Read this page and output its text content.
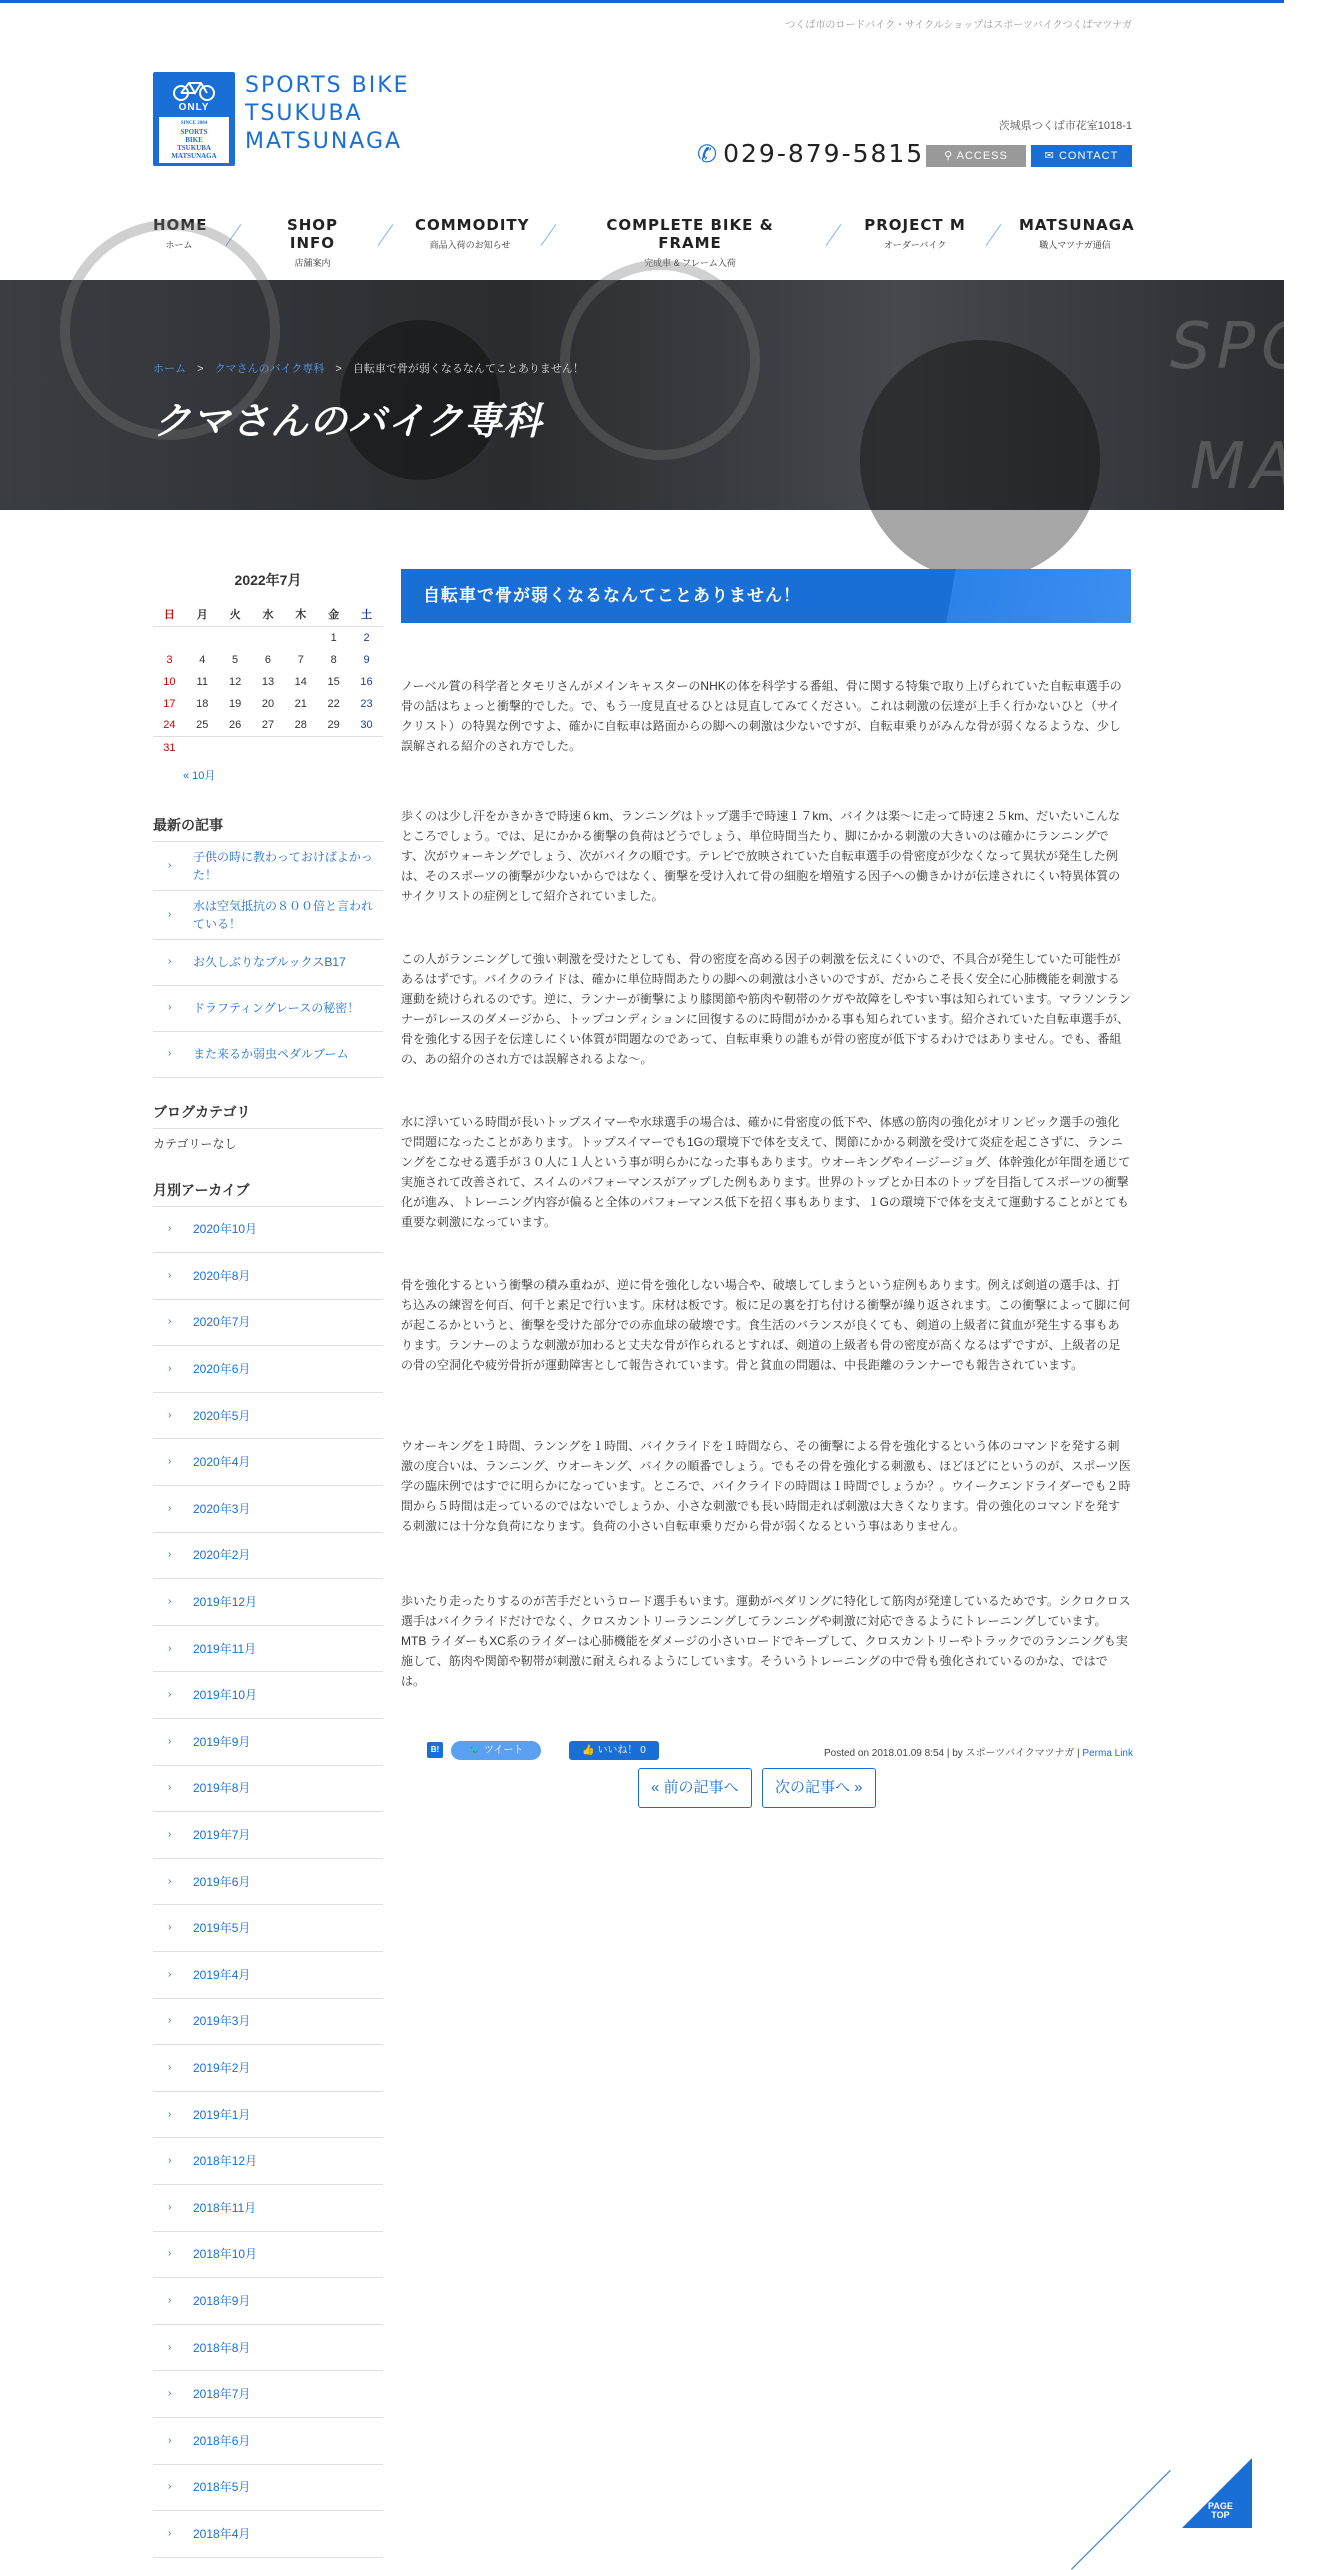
つくば市のロードバイク・サイクルショップはスポーツバイクつくばマツナガ
ONLY
SINCE 2004
SPORTS
BIKE
TSUKUBA
MATSUNAGA
SPORTS BIKE
TSUKUBA
MATSUNAGA
茨城県つくば市花室1018-1
✆ 029-879-5815	⚲ ACCESS	✉ CONTACT
HOME
ホーム
SHOP INFO
店舗案内
COMMODITY
商品入荷のお知らせ
COMPLETE BIKE & FRAME
完成車 & フレーム入荷
PROJECT M
オーダーバイク
MATSUNAGA
職人マツナガ通信
SPO
MA
ホーム > クマさんのバイク専科 > 自転車で骨が弱くなるなんてことありません！
クマさんのバイク専科
2022年7月
日	月	火	水	木	金	土
					1	2
3	4	5	6	7	8	9
10	11	12	13	14	15	16
17	18	19	20	21	22	23
24	25	26	27	28	29	30
31						
« 10月
最新の記事
›
子供の時に教わっておけばよかった！
›
水は空気抵抗の８００倍と言われている！
›	お久しぶりなブルックスB17
›	ドラフティングレースの秘密！
›	また来るか弱虫ペダルブーム
ブログカテゴリ
カテゴリーなし
月別アーカイブ
›	2020年10月
›	2020年8月
›	2020年7月
›	2020年6月
›	2020年5月
›	2020年4月
›	2020年3月
›	2020年2月
›	2019年12月
›	2019年11月
›	2019年10月
›	2019年9月
›	2019年8月
›	2019年7月
›	2019年6月
›	2019年5月
›	2019年4月
›	2019年3月
›	2019年2月
›	2019年1月
›	2018年12月
›	2018年11月
›	2018年10月
›	2018年9月
›	2018年8月
›	2018年7月
›	2018年6月
›	2018年5月
›	2018年4月
自転車で骨が弱くなるなんてことありません！

ノーベル賞の科学者とタモリさんがメインキャスターのNHKの体を科学する番組、骨に関する特集で取り上げられていた自転車選手の骨の話はちょっと衝撃的でした。で、もう一度見直せるひとは見直してみてください。これは刺激の伝達が上手く行かないひと（サイクリスト）の特異な例ですよ、確かに自転車は路面からの脚への刺激は少ないですが、自転車乗りがみんな骨が弱くなるような、少し誤解される紹介のされ方でした。

歩くのは少し汗をかきかきで時速６km、ランニングはトップ選手で時速１７km、バイクは楽〜に走って時速２５km、だいたいこんなところでしょう。では、足にかかる衝撃の負荷はどうでしょう、単位時間当たり、脚にかかる刺激の大きいのは確かにランニングです、次がウォーキングでしょう、次がバイクの順です。テレビで放映されていた自転車選手の骨密度が少なくなって異状が発生した例は、そのスポーツの衝撃が少ないからではなく、衝撃を受け入れて骨の細胞を増殖する因子への働きかけが伝達されにくい特異体質のサイクリストの症例として紹介されていました。

この人がランニングして強い刺激を受けたとしても、骨の密度を高める因子の刺激を伝えにくいので、不具合が発生していた可能性があるはずです。バイクのライドは、確かに単位時間あたりの脚への刺激は小さいのですが、だからこそ長く安全に心肺機能を刺激する運動を続けられるのです。逆に、ランナーが衝撃により膝関節や筋肉や靭帯のケガや故障をしやすい事は知られています。マラソンランナーがレースのダメージから、トップコンディションに回復するのに時間がかかる事も知られています。紹介されていた自転車選手が、骨を強化する因子を伝達しにくい体質が問題なのであって、自転車乗りの誰もが骨の密度が低下するわけではありません。でも、番組の、あの紹介のされ方では誤解されるよな〜。

水に浮いている時間が長いトップスイマーや水球選手の場合は、確かに骨密度の低下や、体感の筋肉の強化がオリンピック選手の強化で問題になったことがあります。トップスイマーでも1Gの環境下で体を支えて、関節にかかる刺激を受けて炎症を起こさずに、ランニングをこなせる選手が３０人に１人という事が明らかになった事もあります。ウオーキングやイージージョグ、体幹強化が年間を通じて実施されて改善されて、スイムのパフォーマンスがアップした例もあります。世界のトップとか日本のトップを目指してスポーツの衝撃化が進み、トレーニング内容が偏ると全体のパフォーマンス低下を招く事もあります、１Gの環境下で体を支えて運動することがとても重要な刺激になっています。

骨を強化するという衝撃の積み重ねが、逆に骨を強化しない場合や、破壊してしまうという症例もあります。例えば剣道の選手は、打ち込みの練習を何百、何千と素足で行います。床材は板です。板に足の裏を打ち付ける衝撃が繰り返されます。この衝撃によって脚に何が起こるかというと、衝撃を受けた部分での赤血球の破壊です。食生活のバランスが良くても、剣道の上級者に貧血が発生する事もあります。ランナーのような刺激が加わると丈夫な骨が作られるとすれば、剣道の上級者も骨の密度が高くなるはずですが、上級者の足の骨の空洞化や疲労骨折が運動障害として報告されています。骨と貧血の問題は、中長距離のランナーでも報告されています。

ウオーキングを１時間、ランングを１時間、バイクライドを１時間なら、その衝撃による骨を強化するという体のコマンドを発する刺激の度合いは、ランニング、ウオーキング、バイクの順番でしょう。でもその骨を強化する刺激も、ほどほどにというのが、スポーツ医学の臨床例ではすでに明らかになっています。ところで、バイクライドの時間は１時間でしょうか？。ウイークエンドライダーでも２時間から５時間は走っているのではないでしょうか、小さな刺激でも長い時間走れば刺激は大きくなります。骨の強化のコマンドを発する刺激には十分な負荷になります。負荷の小さい自転車乗りだから骨が弱くなるという事はありません。

歩いたり走ったりするのが苦手だというロード選手もいます。運動がペダリングに特化して筋肉が発達しているためです。シクロクロス選手はバイクライドだけでなく、クロスカントリーランニングしてランニングや刺激に対応できるようにトレーニングしています。MTB ライダーもXC系のライダーは心肺機能をダメージの小さいロードでキープして、クロスカントリーやトラックでのランニングも実施して、筋肉や関節や靭帯が刺激に耐えられるようにしています。そういうトレーニングの中で骨も強化されているのかな、ではでは。

B!	🐦 ツイート	👍 いいね！ 0	Posted on 2018.01.09 8:54 | by スポーツバイクマツナガ | Perma Link
« 前の記事へ 次の記事へ »
PAGE
TOP
